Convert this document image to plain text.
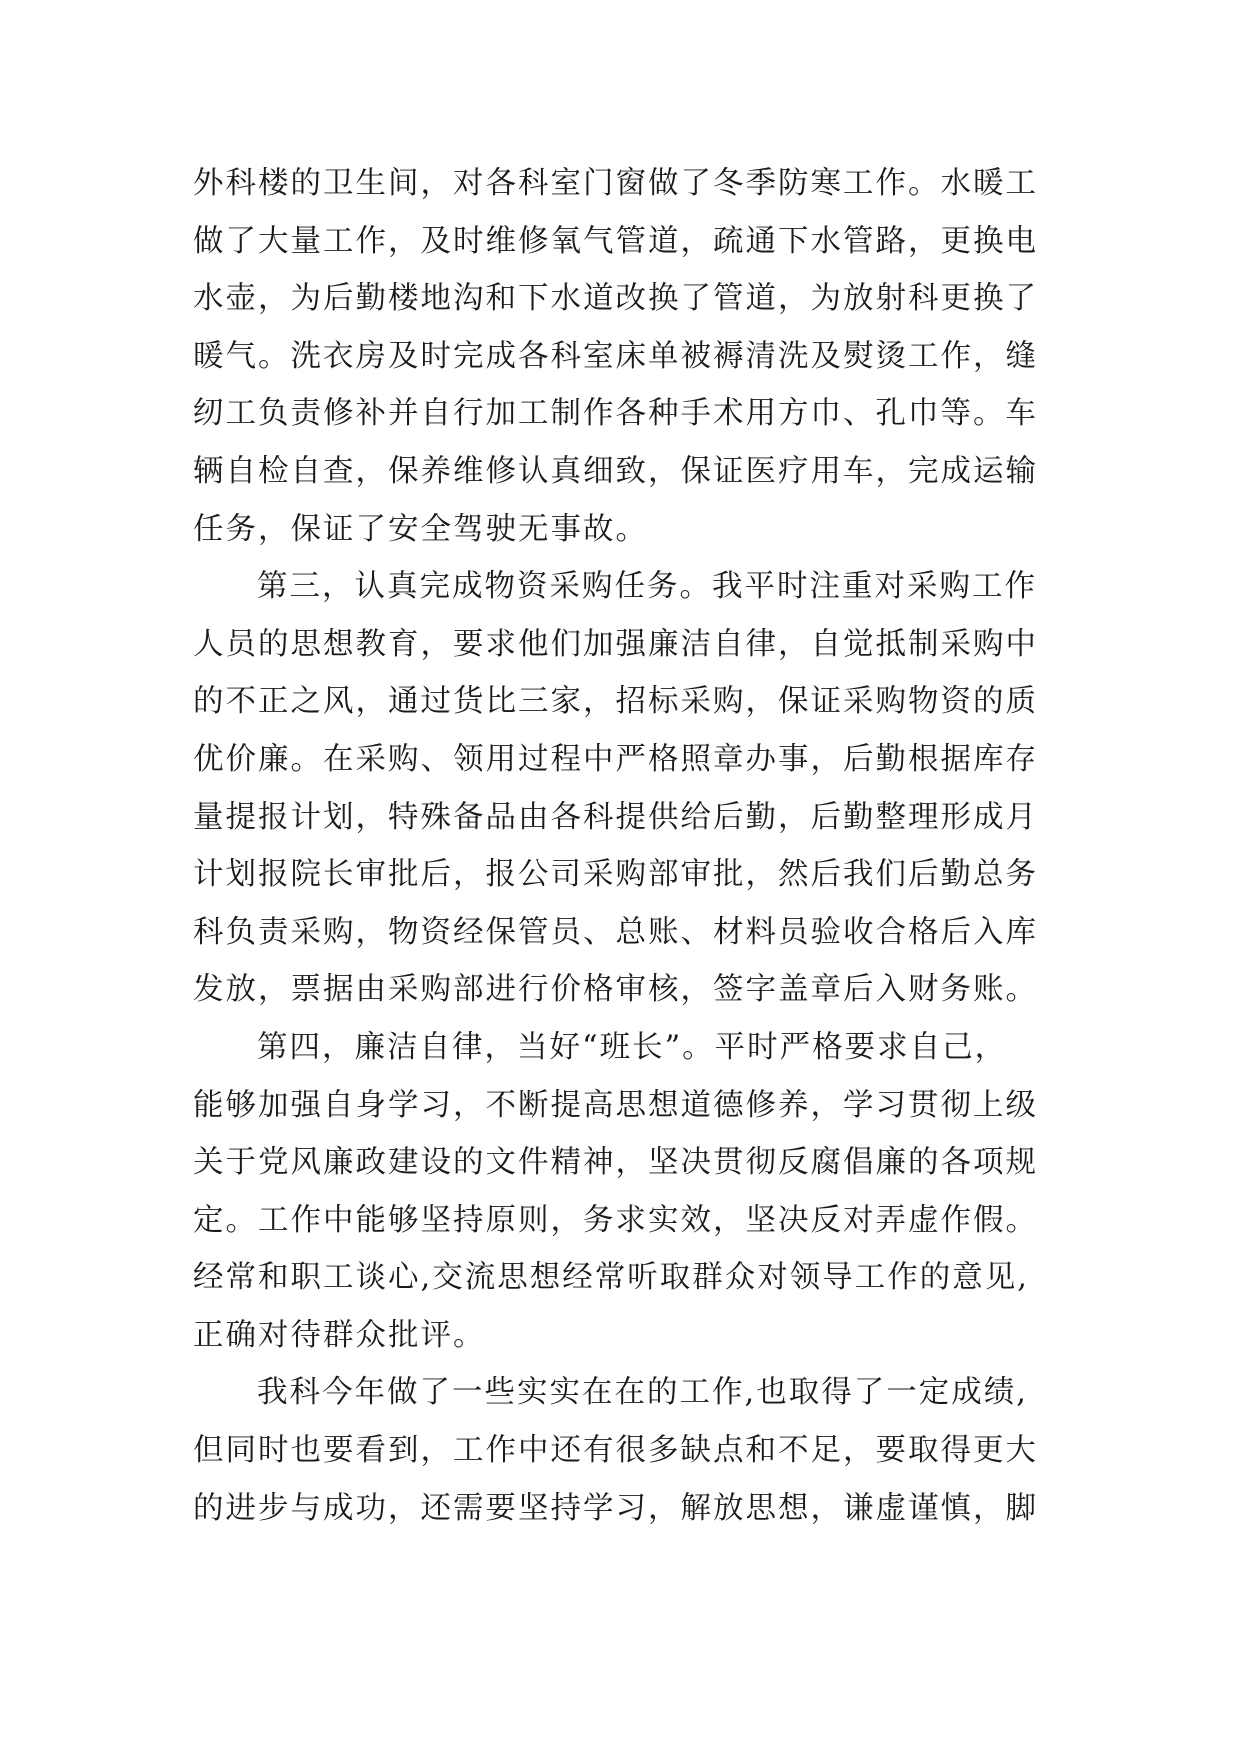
外科楼的卫生间，对各科室门窗做了冬季防寒工作。水暖工
做了大量工作，及时维修氧气管道，疏通下水管路，更换电
水壶，为后勤楼地沟和下水道改换了管道，为放射科更换了
暖气。洗衣房及时完成各科室床单被褥清洗及熨烫工作，缝
纫工负责修补并自行加工制作各种手术用方巾、孔巾等。车
辆自检自查，保养维修认真细致，保证医疗用车，完成运输
任务，保证了安全驾驶无事故。
第三，认真完成物资采购任务。我平时注重对采购工作
人员的思想教育，要求他们加强廉洁自律，自觉抵制采购中
的不正之风，通过货比三家，招标采购，保证采购物资的质
优价廉。在采购、领用过程中严格照章办事，后勤根据库存
量提报计划，特殊备品由各科提供给后勤，后勤整理形成月
计划报院长审批后，报公司采购部审批，然后我们后勤总务
科负责采购，物资经保管员、总账、材料员验收合格后入库
发放，票据由采购部进行价格审核，签字盖章后入财务账。
第四，廉洁自律，当好“班长”。平时严格要求自己，
能够加强自身学习，不断提高思想道德修养，学习贯彻上级
关于党风廉政建设的文件精神，坚决贯彻反腐倡廉的各项规
定。工作中能够坚持原则，务求实效，坚决反对弄虚作假。
经常和职工谈心,交流思想经常听取群众对领导工作的意见,
正确对待群众批评。
我科今年做了一些实实在在的工作,也取得了一定成绩,
但同时也要看到，工作中还有很多缺点和不足，要取得更大
的进步与成功，还需要坚持学习，解放思想，谦虚谨慎，脚
